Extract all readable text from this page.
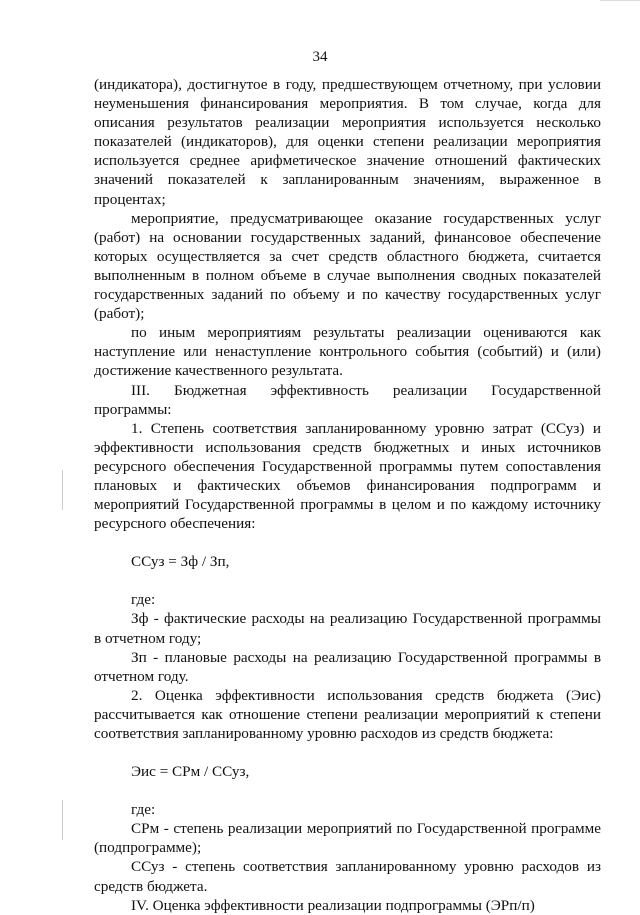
34

(индикатора), достигнутое в году, предшествующем отчетному, при условии неуменьшения финансирования мероприятия. В том случае, когда для описания результатов реализации мероприятия используется несколько показателей (индикаторов), для оценки степени реализации мероприятия используется среднее арифметическое значение отношений фактических значений показателей к запланированным значениям, выраженное в процентах;

мероприятие, предусматривающее оказание государственных услуг (работ) на основании государственных заданий, финансовое обеспечение которых осуществляется за счет средств областного бюджета, считается выполненным в полном объеме в случае выполнения сводных показателей государственных заданий по объему и по качеству государственных услуг (работ);

по иным мероприятиям результаты реализации оцениваются как наступление или ненаступление контрольного события (событий) и (или) достижение качественного результата.

III. Бюджетная эффективность реализации Государственной программы:

1. Степень соответствия запланированному уровню затрат (ССуз) и эффективности использования средств бюджетных и иных источников ресурсного обеспечения Государственной программы путем сопоставления плановых и фактических объемов финансирования подпрограмм и мероприятий Государственной программы в целом и по каждому источнику ресурсного обеспечения:

ССуз = Зф / Зп,

где:

Зф - фактические расходы на реализацию Государственной программы в отчетном году;

Зп - плановые расходы на реализацию Государственной программы в отчетном году.

2. Оценка эффективности использования средств бюджета (Эис) рассчитывается как отношение степени реализации мероприятий к степени соответствия запланированному уровню расходов из средств бюджета:

Эис = СРм / ССуз,

где:

СРм - степень реализации мероприятий по Государственной программе (подпрограмме);

ССуз - степень соответствия запланированному уровню расходов из средств бюджета.

IV. Оценка эффективности реализации подпрограммы (ЭРп/п)
